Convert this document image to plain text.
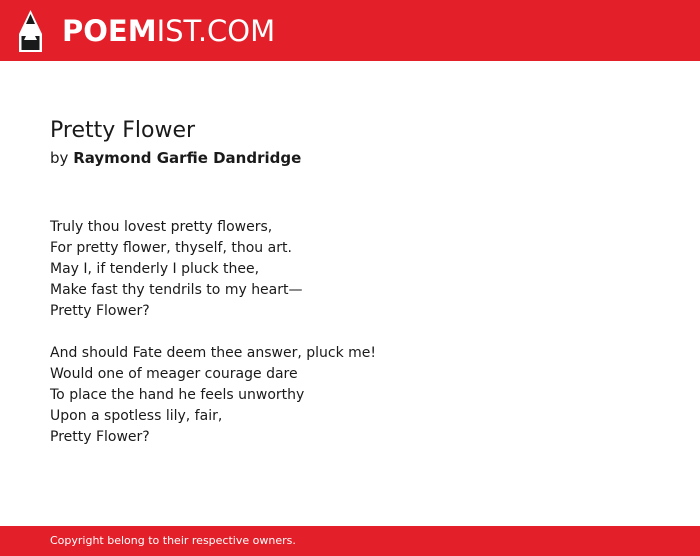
POEMIST.COM
Pretty Flower

by Raymond Garfie Dandridge

Truly thou lovest pretty flowers,
For pretty flower, thyself, thou art.
May I, if tenderly I pluck thee,
Make fast thy tendrils to my heart—
Pretty Flower?

And should Fate deem thee answer, pluck me!
Would one of meager courage dare
To place the hand he feels unworthy
Upon a spotless lily, fair,
Pretty Flower?

Copyright belong to their respective owners.
